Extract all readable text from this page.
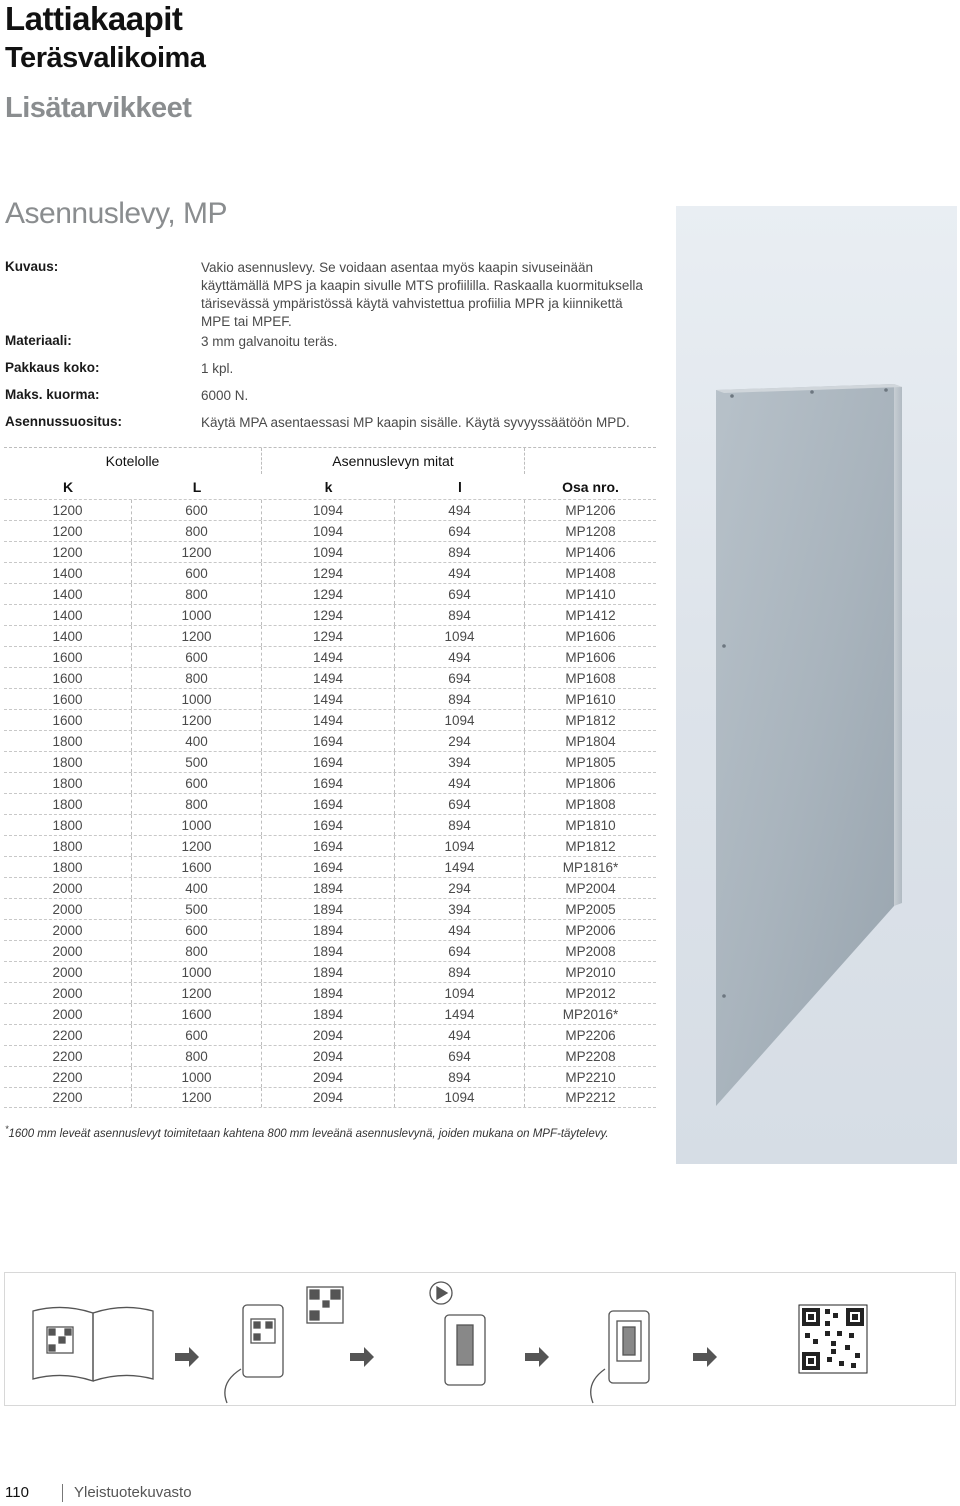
Lattiakaapit
Teräsvalikoima
Lisätarvikkeet
Asennuslevy, MP
Kuvaus:	Vakio asennuslevy. Se voidaan asentaa myös kaapin sivuseinään käyttämällä MPS ja kaapin sivulle MTS profiililla. Raskaalla kuormituksella tärisevässä ympäristössä käytä vahvistettua profiilia MPR ja kiinnikettä MPE tai MPEF.
Materiaali:	3 mm galvanoitu teräs.
Pakkaus koko:	1 kpl.
Maks. kuorma:	6000 N.
Asennussuositus:	Käytä MPA asentaessasi MP kaapin sisälle. Käytä syvyyssäätöön MPD.
Kotelolle	Asennuslevyn mitat
K	L	k	l	Osa nro.
1200	600	1094	494	MP1206
1200	800	1094	694	MP1208
1200	1200	1094	894	MP1406
1400	600	1294	494	MP1408
1400	800	1294	694	MP1410
1400	1000	1294	894	MP1412
1400	1200	1294	1094	MP1606
1600	600	1494	494	MP1606
1600	800	1494	694	MP1608
1600	1000	1494	894	MP1610
1600	1200	1494	1094	MP1812
1800	400	1694	294	MP1804
1800	500	1694	394	MP1805
1800	600	1694	494	MP1806
1800	800	1694	694	MP1808
1800	1000	1694	894	MP1810
1800	1200	1694	1094	MP1812
1800	1600	1694	1494	MP1816*
2000	400	1894	294	MP2004
2000	500	1894	394	MP2005
2000	600	1894	494	MP2006
2000	800	1894	694	MP2008
2000	1000	1894	894	MP2010
2000	1200	1894	1094	MP2012
2000	1600	1894	1494	MP2016*
2200	600	2094	494	MP2206
2200	800	2094	694	MP2208
2200	1000	2094	894	MP2210
2200	1200	2094	1094	MP2212
*1600 mm leveät asennuslevyt toimitetaan kahtena 800 mm leveänä asennuslevynä, joiden mukana on MPF-täytelevy.
110	Yleistuotekuvasto
